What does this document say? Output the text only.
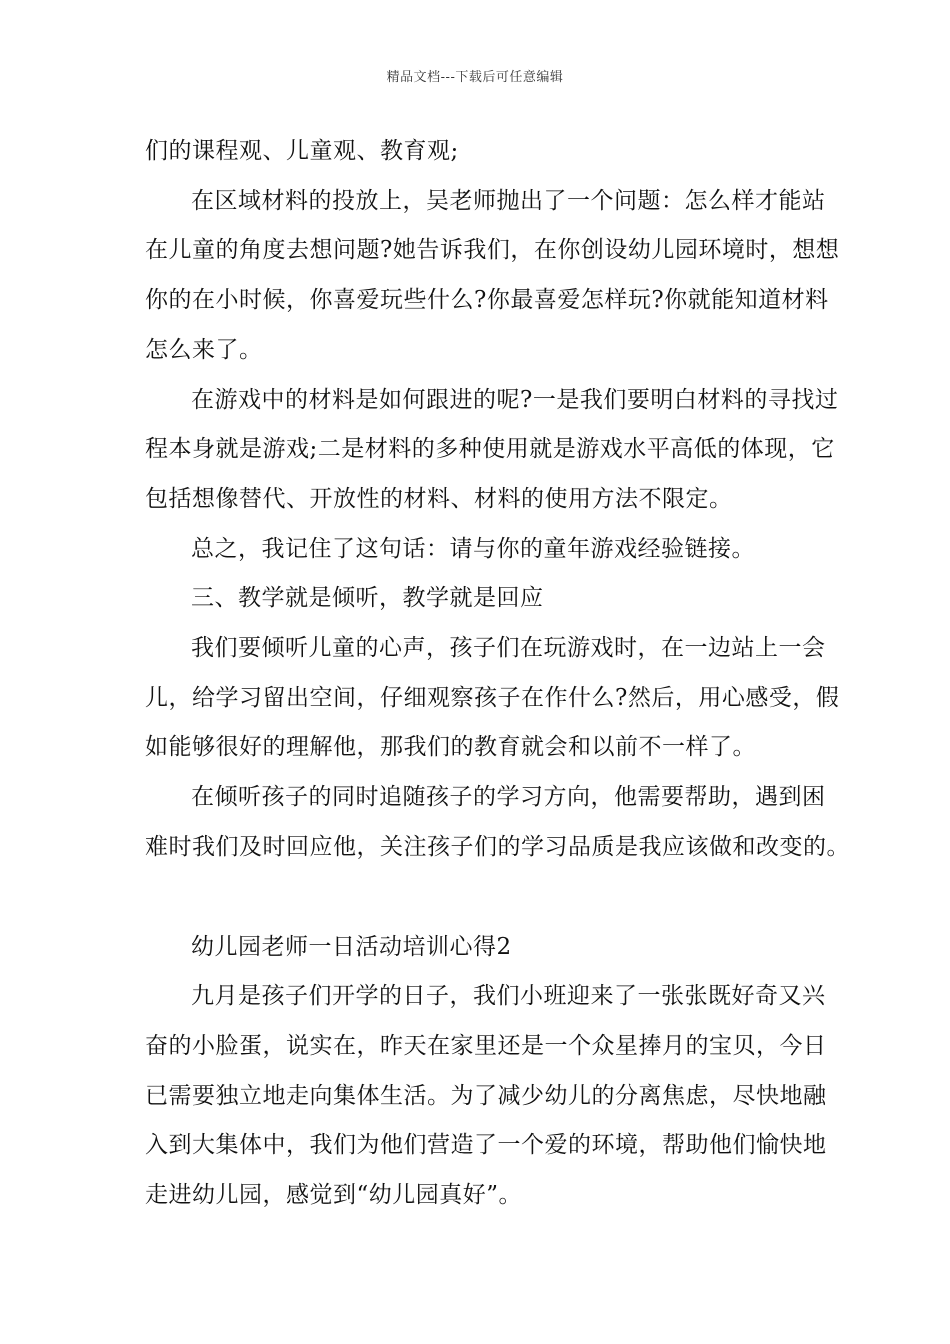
精品文档---下载后可任意编辑

们的课程观、儿童观、教育观;

在区域材料的投放上，吴老师抛出了一个问题：怎么样才能站

在儿童的角度去想问题?她告诉我们，在你创设幼儿园环境时，想想

你的在小时候，你喜爱玩些什么?你最喜爱怎样玩?你就能知道材料

怎么来了。

在游戏中的材料是如何跟进的呢?一是我们要明白材料的寻找过

程本身就是游戏;二是材料的多种使用就是游戏水平高低的体现，它

包括想像替代、开放性的材料、材料的使用方法不限定。

总之，我记住了这句话：请与你的童年游戏经验链接。

三、教学就是倾听，教学就是回应

我们要倾听儿童的心声，孩子们在玩游戏时，在一边站上一会

儿，给学习留出空间，仔细观察孩子在作什么?然后，用心感受，假

如能够很好的理解他，那我们的教育就会和以前不一样了。

在倾听孩子的同时追随孩子的学习方向，他需要帮助，遇到困

难时我们及时回应他，关注孩子们的学习品质是我应该做和改变的。

幼儿园老师一日活动培训心得2

九月是孩子们开学的日子，我们小班迎来了一张张既好奇又兴

奋的小脸蛋，说实在，昨天在家里还是一个众星捧月的宝贝，今日

已需要独立地走向集体生活。为了减少幼儿的分离焦虑，尽快地融

入到大集体中，我们为他们营造了一个爱的环境，帮助他们愉快地

走进幼儿园，感觉到“幼儿园真好”。
